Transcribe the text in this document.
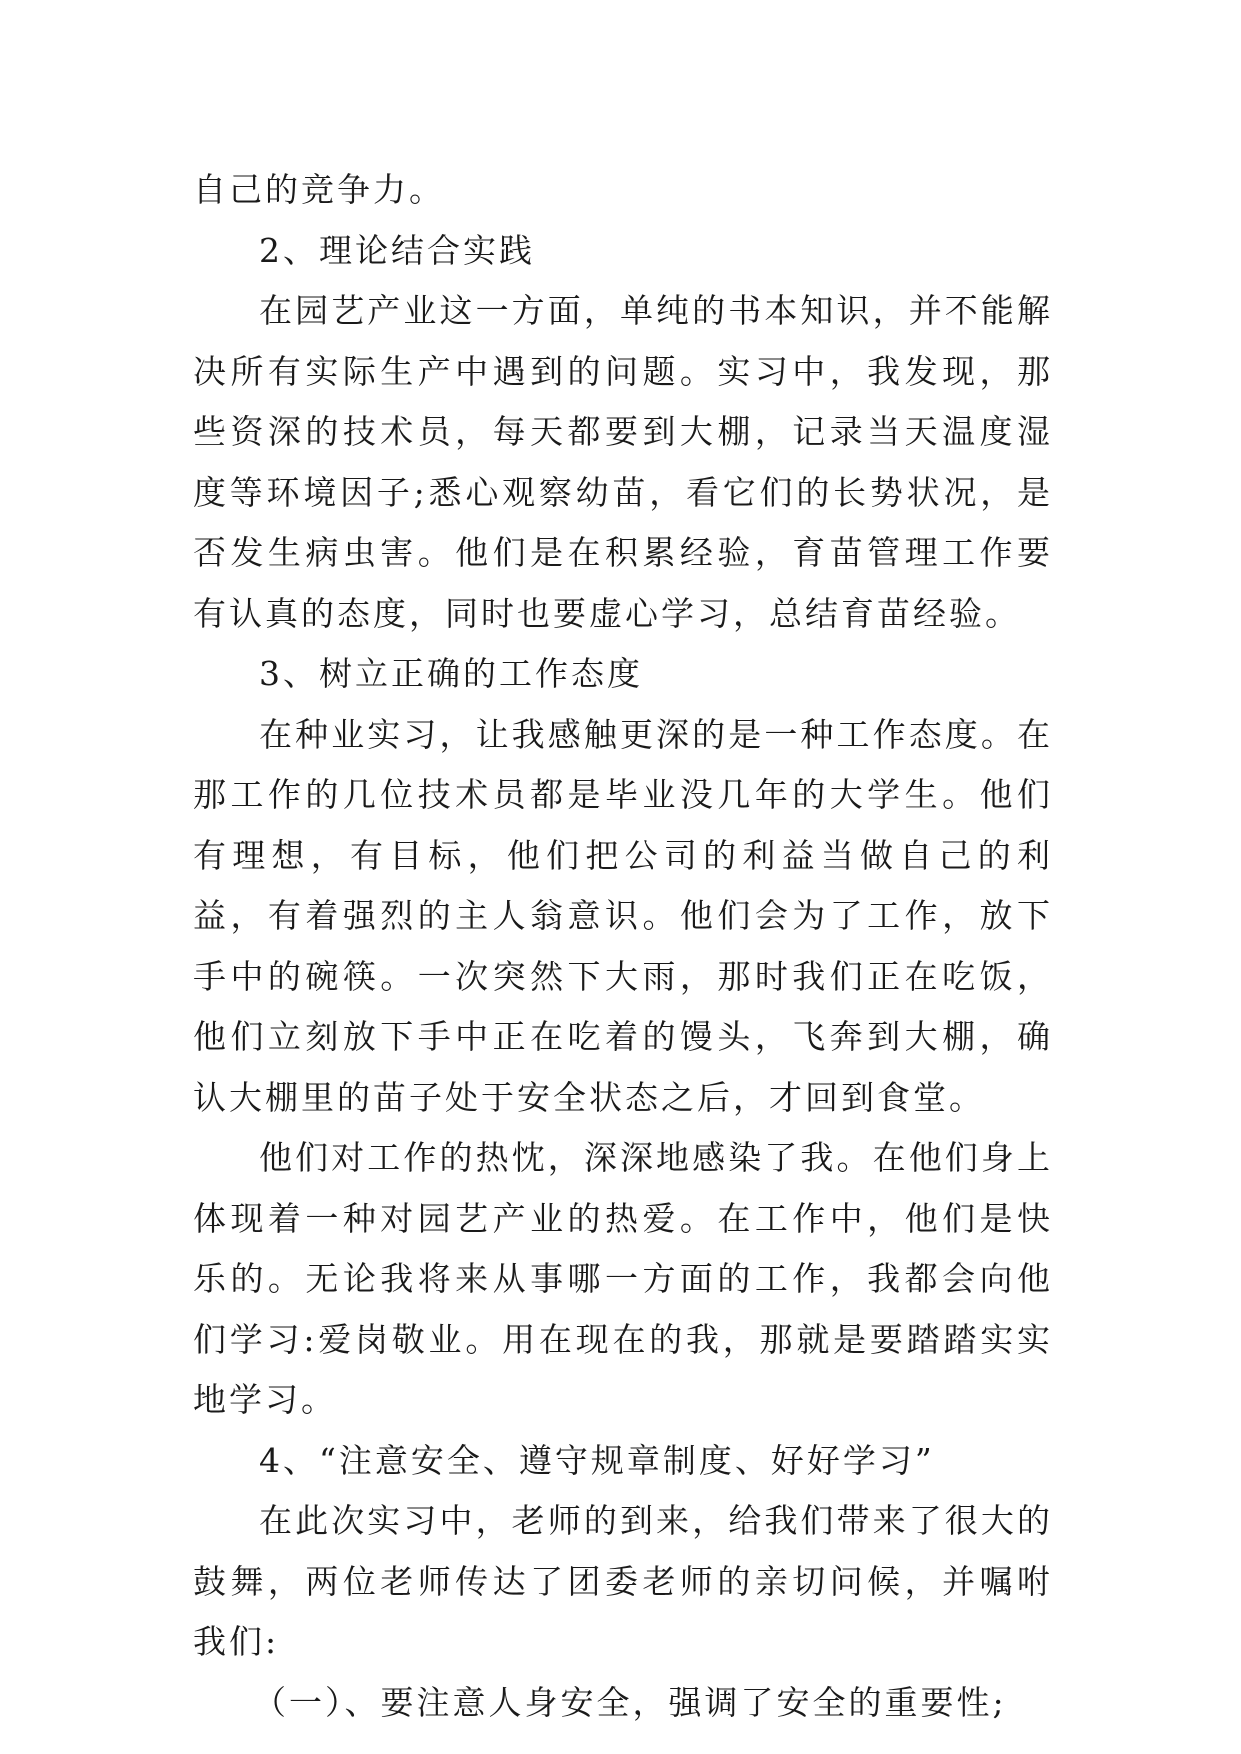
自己的竞争力。

2、理论结合实践

在园艺产业这一方面，单纯的书本知识，并不能解决所有实际生产中遇到的问题。实习中，我发现，那些资深的技术员，每天都要到大棚，记录当天温度湿度等环境因子;悉心观察幼苗，看它们的长势状况，是否发生病虫害。他们是在积累经验，育苗管理工作要有认真的态度，同时也要虚心学习，总结育苗经验。

3、树立正确的工作态度

在种业实习，让我感触更深的是一种工作态度。在那工作的几位技术员都是毕业没几年的大学生。他们有理想，有目标，他们把公司的利益当做自己的利益，有着强烈的主人翁意识。他们会为了工作，放下手中的碗筷。一次突然下大雨，那时我们正在吃饭，他们立刻放下手中正在吃着的馒头，飞奔到大棚，确认大棚里的苗子处于安全状态之后，才回到食堂。

他们对工作的热忱，深深地感染了我。在他们身上体现着一种对园艺产业的热爱。在工作中，他们是快乐的。无论我将来从事哪一方面的工作，我都会向他们学习:爱岗敬业。用在现在的我，那就是要踏踏实实地学习。

4、“注意安全、遵守规章制度、好好学习”

在此次实习中，老师的到来，给我们带来了很大的鼓舞，两位老师传达了团委老师的亲切问候，并嘱咐我们:

（一）、要注意人身安全，强调了安全的重要性;
